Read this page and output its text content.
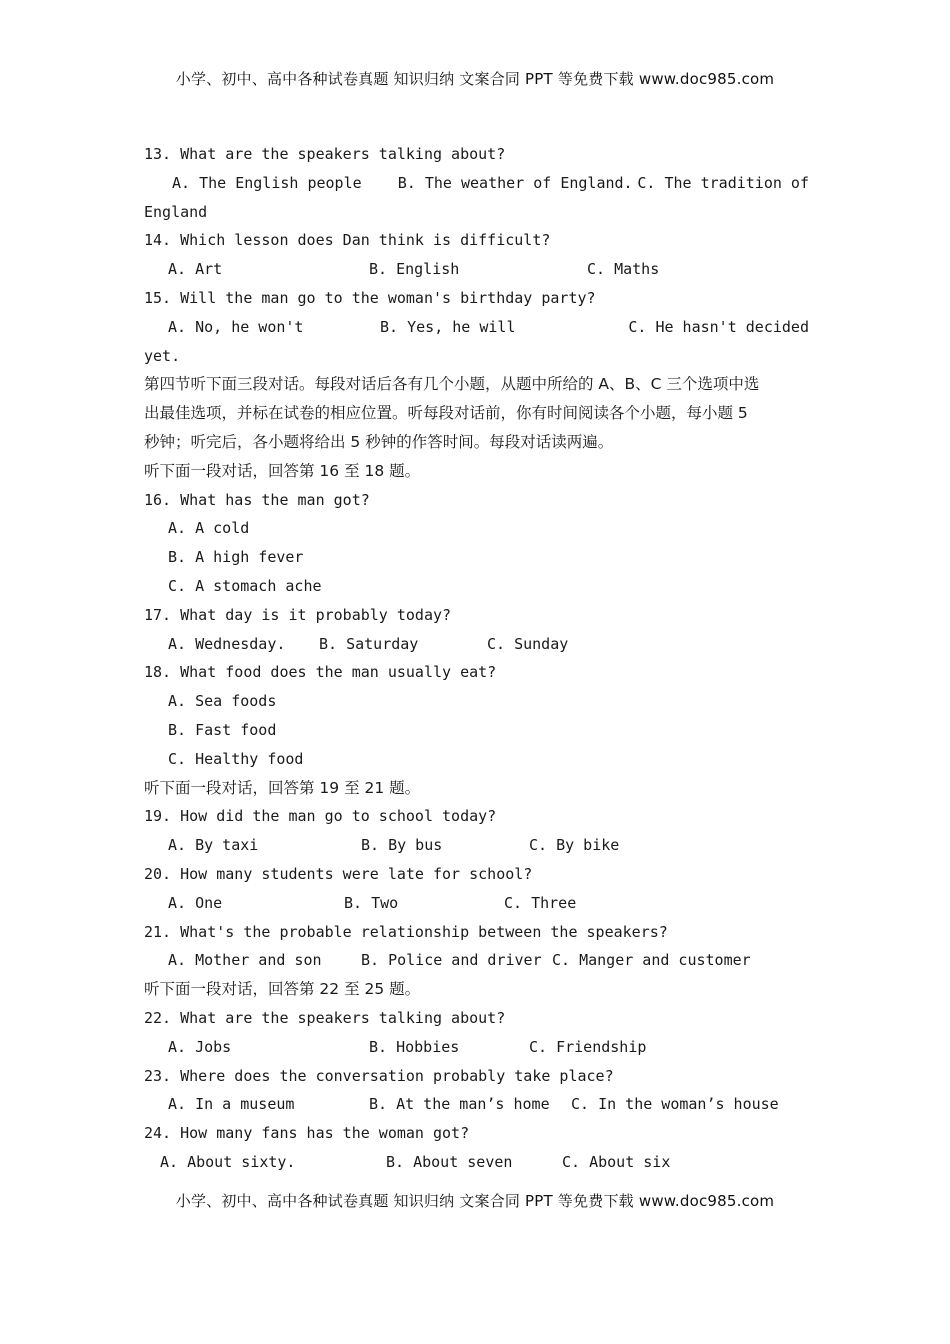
小学、初中、高中各种试卷真题 知识归纳 文案合同 PPT 等免费下载 www.doc985.com
13. What are the speakers talking about?
A. The English people	B. The weather of England. C. The tradition of
England
14. Which lesson does Dan think is difficult?
A. Art	B. English	C. Maths
15. Will the man go to the woman's birthday party?
A. No, he won't	B. Yes, he will	C. He hasn't decided
yet.
第四节听下面三段对话。每段对话后各有几个小题，从题中所给的 A、B、C 三个选项中选
出最佳选项，并标在试卷的相应位置。听每段对话前，你有时间阅读各个小题，每小题 5
秒钟；听完后，各小题将给出 5 秒钟的作答时间。每段对话读两遍。
听下面一段对话，回答第 16 至 18 题。
16. What has the man got?
A. A cold
B. A high fever
C. A stomach ache
17. What day is it probably today?
A. Wednesday.	B. Saturday	C. Sunday
18. What food does the man usually eat?
A. Sea foods
B. Fast food
C. Healthy food
听下面一段对话，回答第 19 至 21 题。
19. How did the man go to school today?
A. By taxi	B. By bus	C. By bike
20. How many students were late for school?
A. One	B. Two	C. Three
21. What's the probable relationship between the speakers?
A. Mother and son	B. Police and driver C. Manger and customer
听下面一段对话，回答第 22 至 25 题。
22. What are the speakers talking about?
A. Jobs	B. Hobbies	C. Friendship
23. Where does the conversation probably take place?
A. In a museum	B. At the man’s home	C. In the woman’s house
24. How many fans has the woman got?
A. About sixty.	B. About seven	C. About six
小学、初中、高中各种试卷真题 知识归纳 文案合同 PPT 等免费下载 www.doc985.com
